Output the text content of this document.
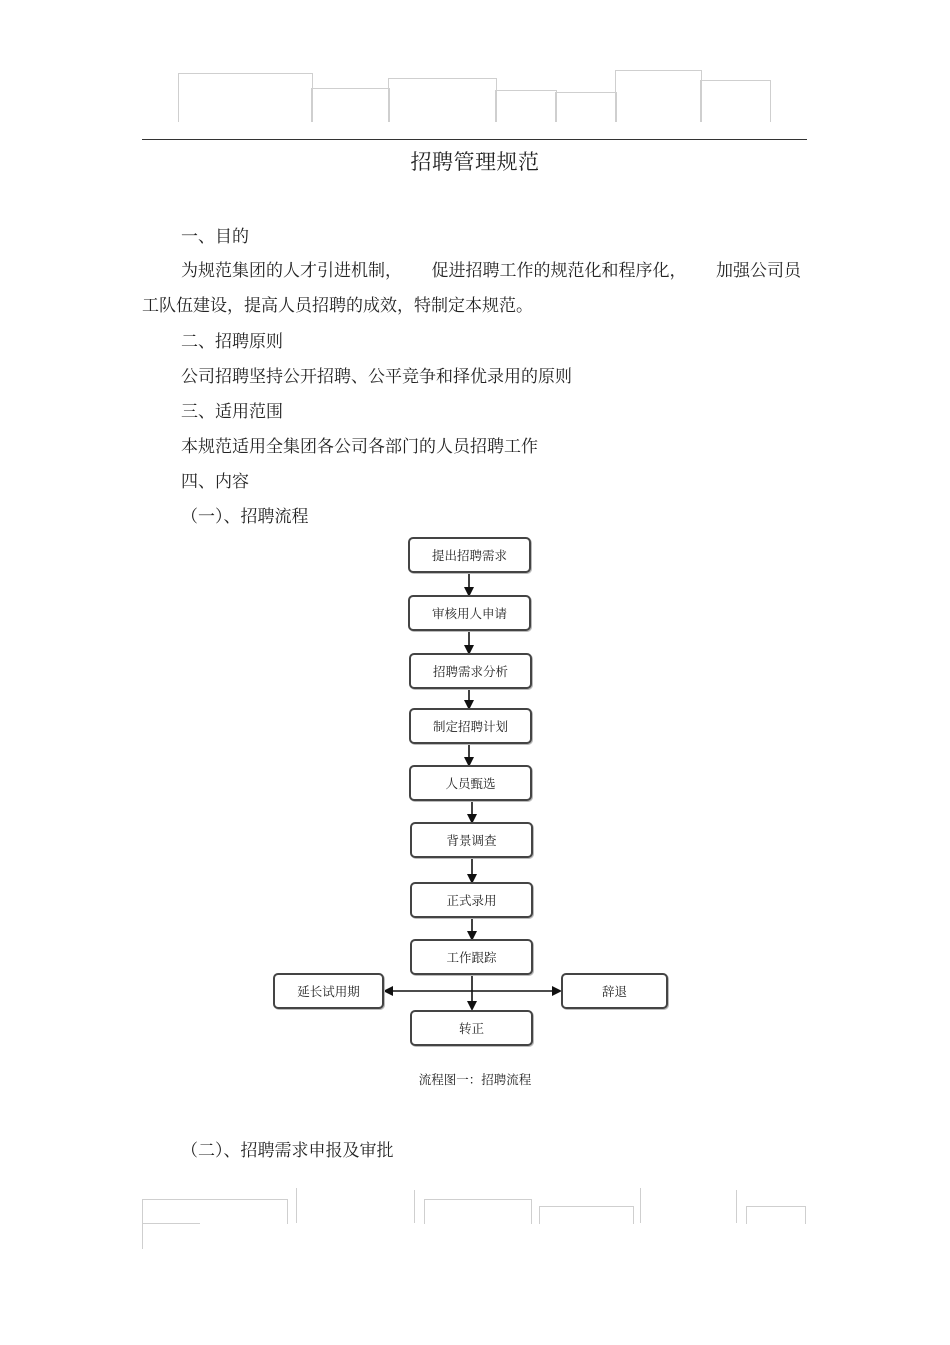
招聘管理规范
一、目的
为规范集团的人才引进机制， 促进招聘工作的规范化和程序化， 加强公司员
工队伍建设，提高人员招聘的成效，特制定本规范。
二、招聘原则
公司招聘坚持公开招聘、公平竞争和择优录用的原则
三、适用范围
本规范适用全集团各公司各部门的人员招聘工作
四、内容
（一）、招聘流程
提出招聘需求
审核用人申请
招聘需求分析
制定招聘计划
人员甄选
背景调查
正式录用
工作跟踪
延长试用期	辞退
转正
流程图一：招聘流程
（二）、招聘需求申报及审批
